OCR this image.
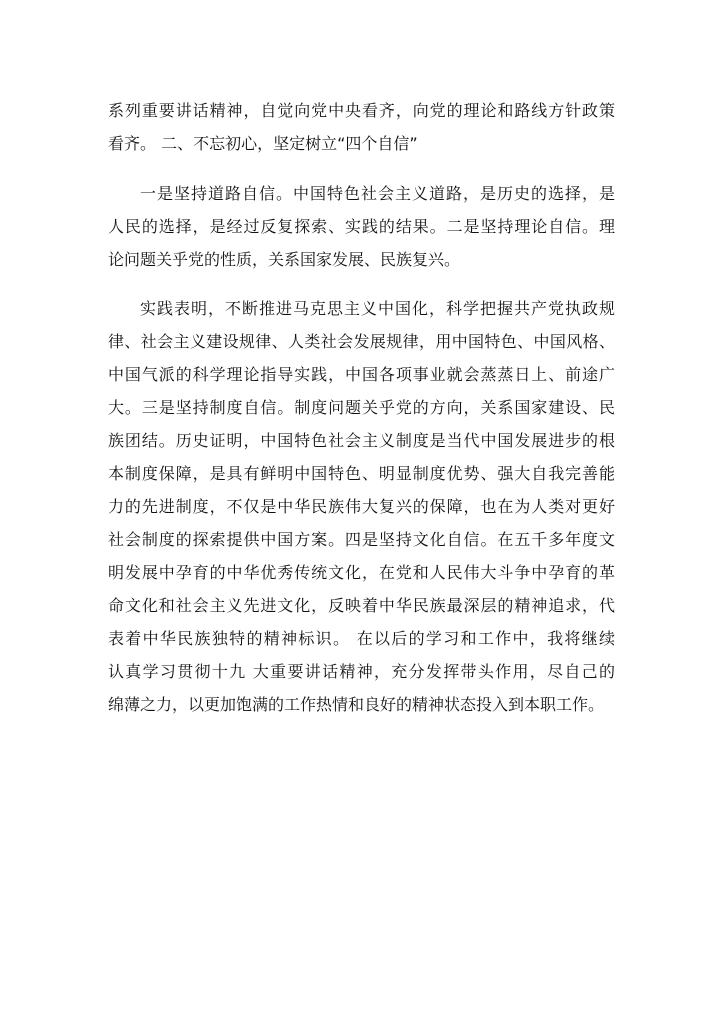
系列重要讲话精神，自觉向党中央看齐，向党的理论和路线方针政策
看齐。 二、不忘初心，坚定树立“四个自信”
一是坚持道路自信。中国特色社会主义道路，是历史的选择，是
人民的选择，是经过反复探索、实践的结果。二是坚持理论自信。理
论问题关乎党的性质，关系国家发展、民族复兴。
实践表明，不断推进马克思主义中国化，科学把握共产党执政规
律、社会主义建设规律、人类社会发展规律，用中国特色、中国风格、
中国气派的科学理论指导实践，中国各项事业就会蒸蒸日上、前途广
大。三是坚持制度自信。制度问题关乎党的方向，关系国家建设、民
族团结。历史证明，中国特色社会主义制度是当代中国发展进步的根
本制度保障，是具有鲜明中国特色、明显制度优势、强大自我完善能
力的先进制度，不仅是中华民族伟大复兴的保障，也在为人类对更好
社会制度的探索提供中国方案。四是坚持文化自信。在五千多年度文
明发展中孕育的中华优秀传统文化，在党和人民伟大斗争中孕育的革
命文化和社会主义先进文化，反映着中华民族最深层的精神追求，代
表着中华民族独特的精神标识。 在以后的学习和工作中，我将继续
认真学习贯彻十九 大重要讲话精神，充分发挥带头作用，尽自己的
绵薄之力，以更加饱满的工作热情和良好的精神状态投入到本职工作。
